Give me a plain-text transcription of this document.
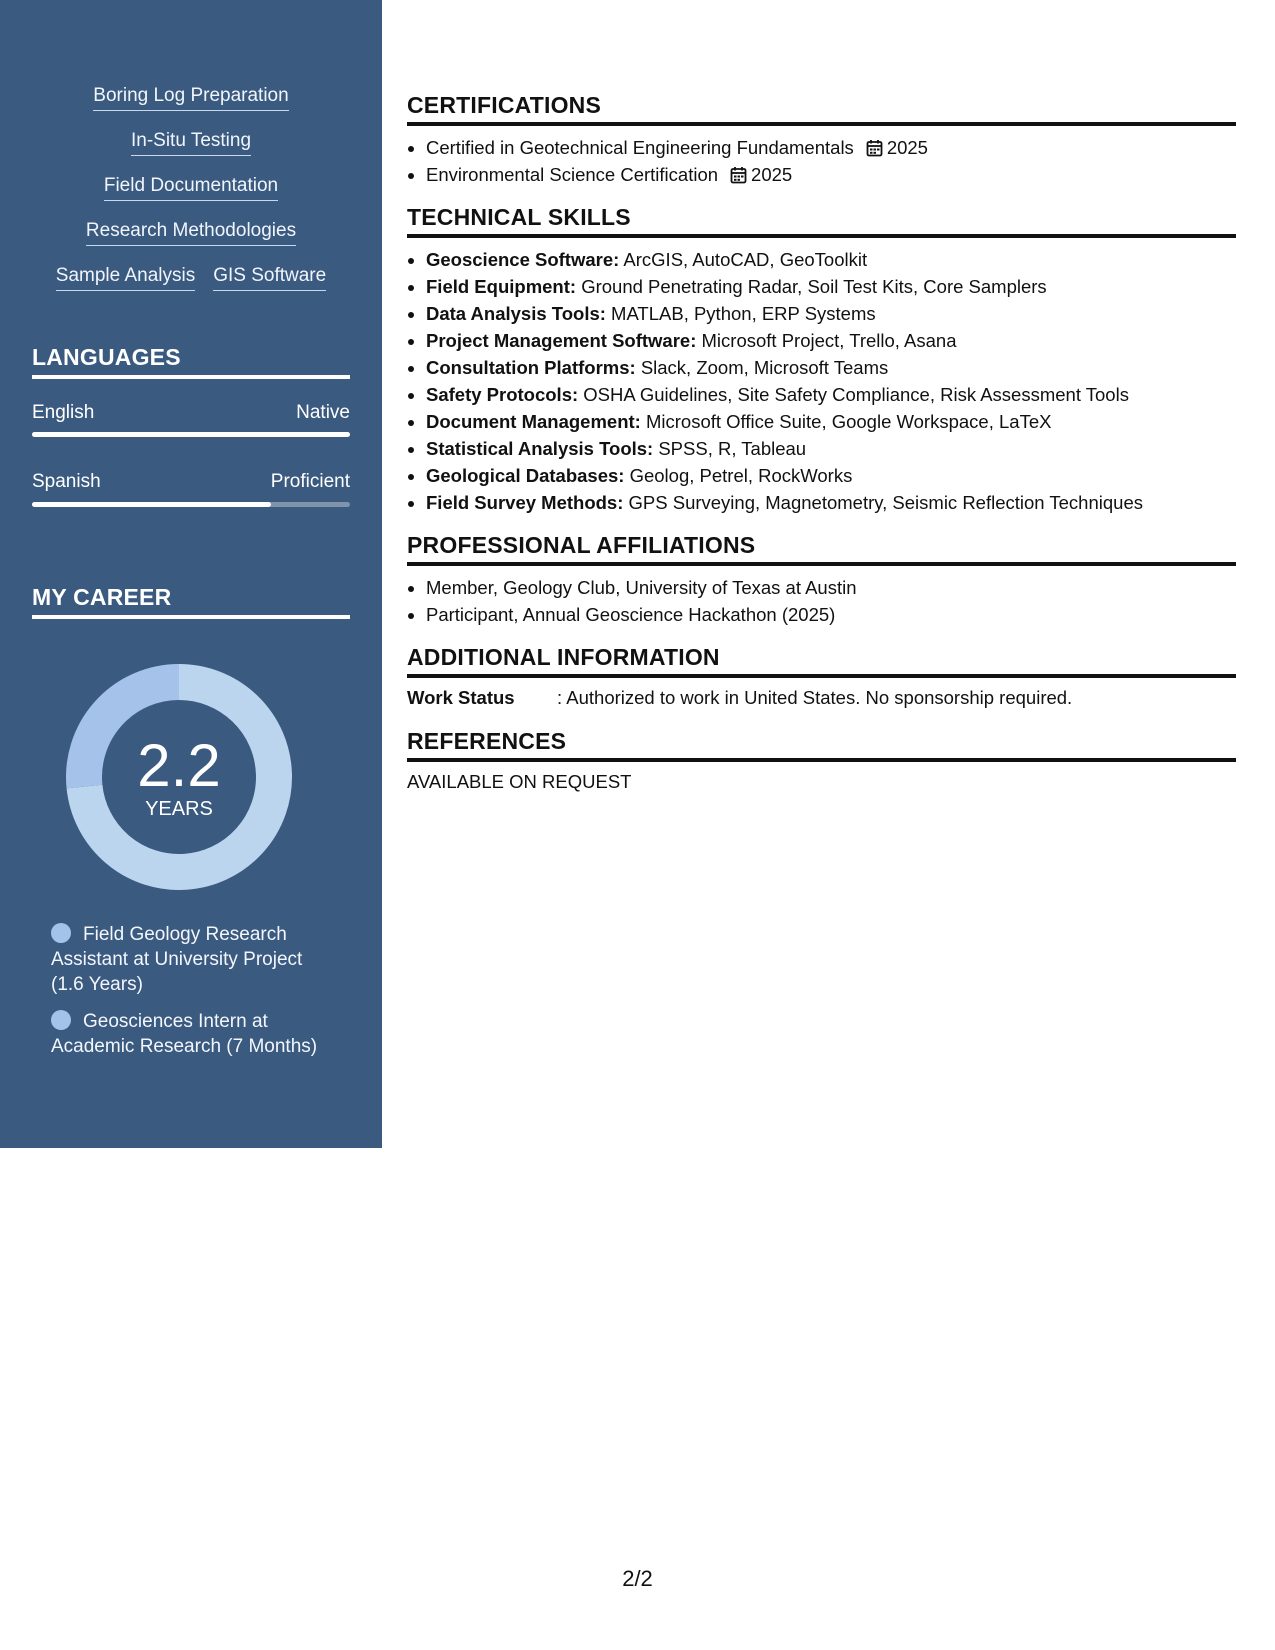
Boring Log Preparation
In-Situ Testing
Field Documentation
Research Methodologies
Sample Analysis GIS Software
LANGUAGES
English	Native
Spanish	Proficient
MY CAREER
2.2
YEARS
Field Geology Research Assistant at University Project (1.6 Years)
Geosciences Intern at Academic Research (7 Months)
CERTIFICATIONS
• Certified in Geotechnical Engineering Fundamentals 2025
• Environmental Science Certification 2025
TECHNICAL SKILLS
• Geoscience Software: ArcGIS, AutoCAD, GeoToolkit
• Field Equipment: Ground Penetrating Radar, Soil Test Kits, Core Samplers
• Data Analysis Tools: MATLAB, Python, ERP Systems
• Project Management Software: Microsoft Project, Trello, Asana
• Consultation Platforms: Slack, Zoom, Microsoft Teams
• Safety Protocols: OSHA Guidelines, Site Safety Compliance, Risk Assessment Tools
• Document Management: Microsoft Office Suite, Google Workspace, LaTeX
• Statistical Analysis Tools: SPSS, R, Tableau
• Geological Databases: Geolog, Petrel, RockWorks
• Field Survey Methods: GPS Surveying, Magnetometry, Seismic Reflection Techniques
PROFESSIONAL AFFILIATIONS
• Member, Geology Club, University of Texas at Austin
• Participant, Annual Geoscience Hackathon (2025)
ADDITIONAL INFORMATION
Work Status	: Authorized to work in United States. No sponsorship required.
REFERENCES
AVAILABLE ON REQUEST
2/2
